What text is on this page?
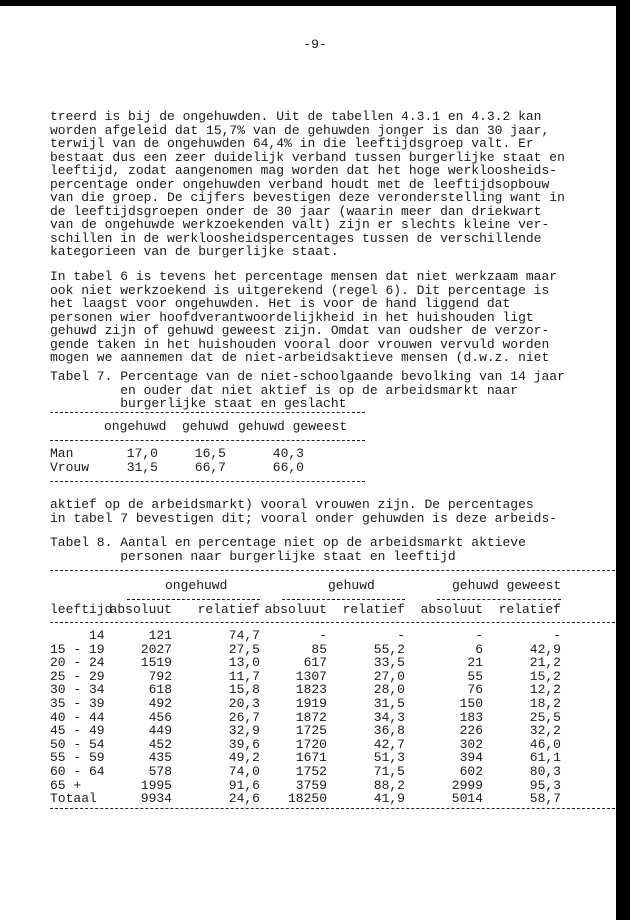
-9-
treerd is bij de ongehuwden. Uit de tabellen 4.3.1 en 4.3.2 kan
worden afgeleid dat 15,7% van de gehuwden jonger is dan 30 jaar,
terwijl van de ongehuwden 64,4% in die leeftijdsgroep valt. Er
bestaat dus een zeer duidelijk verband tussen burgerlijke staat en
leeftijd, zodat aangenomen mag worden dat het hoge werkloosheids-
percentage onder ongehuwden verband houdt met de leeftijdsopbouw
van die groep. De cijfers bevestigen deze veronderstelling want in
de leeftijdsgroepen onder de 30 jaar (waarin meer dan driekwart
van de ongehuwde werkzoekenden valt) zijn er slechts kleine ver-
schillen in de werkloosheidspercentages tussen de verschillende
kategorieen van de burgerlijke staat.
In tabel 6 is tevens het percentage mensen dat niet werkzaam maar
ook niet werkzoekend is uitgerekend (regel 6). Dit percentage is
het laagst voor ongehuwden. Het is voor de hand liggend dat
personen wier hoofdverantwoordelijkheid in het huishouden ligt
gehuwd zijn of gehuwd geweest zijn. Omdat van oudsher de verzor-
gende taken in het huishouden vooral door vrouwen vervuld worden
mogen we aannemen dat de niet-arbeidsaktieve mensen (d.w.z. niet
Tabel 7. Percentage van de niet-schoolgaande bevolking van 14 jaar
en ouder dat niet aktief is op de arbeidsmarkt naar
burgerlijke staat en geslacht
ongehuwd gehuwd gehuwd geweest
Man	17,0	16,5	40,3
Vrouw	31,5	66,7	66,0
aktief op de arbeidsmarkt) vooral vrouwen zijn. De percentages
in tabel 7 bevestigen dit; vooral onder gehuwden is deze arbeids-
Tabel 8. Aantal en percentage niet op de arbeidsmarkt aktieve
personen naar burgerlijke staat en leeftijd
ongehuwd	gehuwd	gehuwd geweest
leeftijd
absoluut	relatief absoluut	relatief	absoluut	relatief
14	121	74,7	-	-	-	-
15 - 19	2027	27,5	85	55,2	6	42,9
20 - 24	1519	13,0	617	33,5	21	21,2
25 - 29	792	11,7	1307	27,0	55	15,2
30 - 34	618	15,8	1823	28,0	76	12,2
35 - 39	492	20,3	1919	31,5	150	18,2
40 - 44	456	26,7	1872	34,3	183	25,5
45 - 49	449	32,9	1725	36,8	226	32,2
50 - 54	452	39,6	1720	42,7	302	46,0
55 - 59	435	49,2	1671	51,3	394	61,1
60 - 64	578	74,0	1752	71,5	602	80,3
65 +	1995	91,6	3759	88,2	2999	95,3
Totaal	9934	24,6	18250	41,9	5014	58,7
